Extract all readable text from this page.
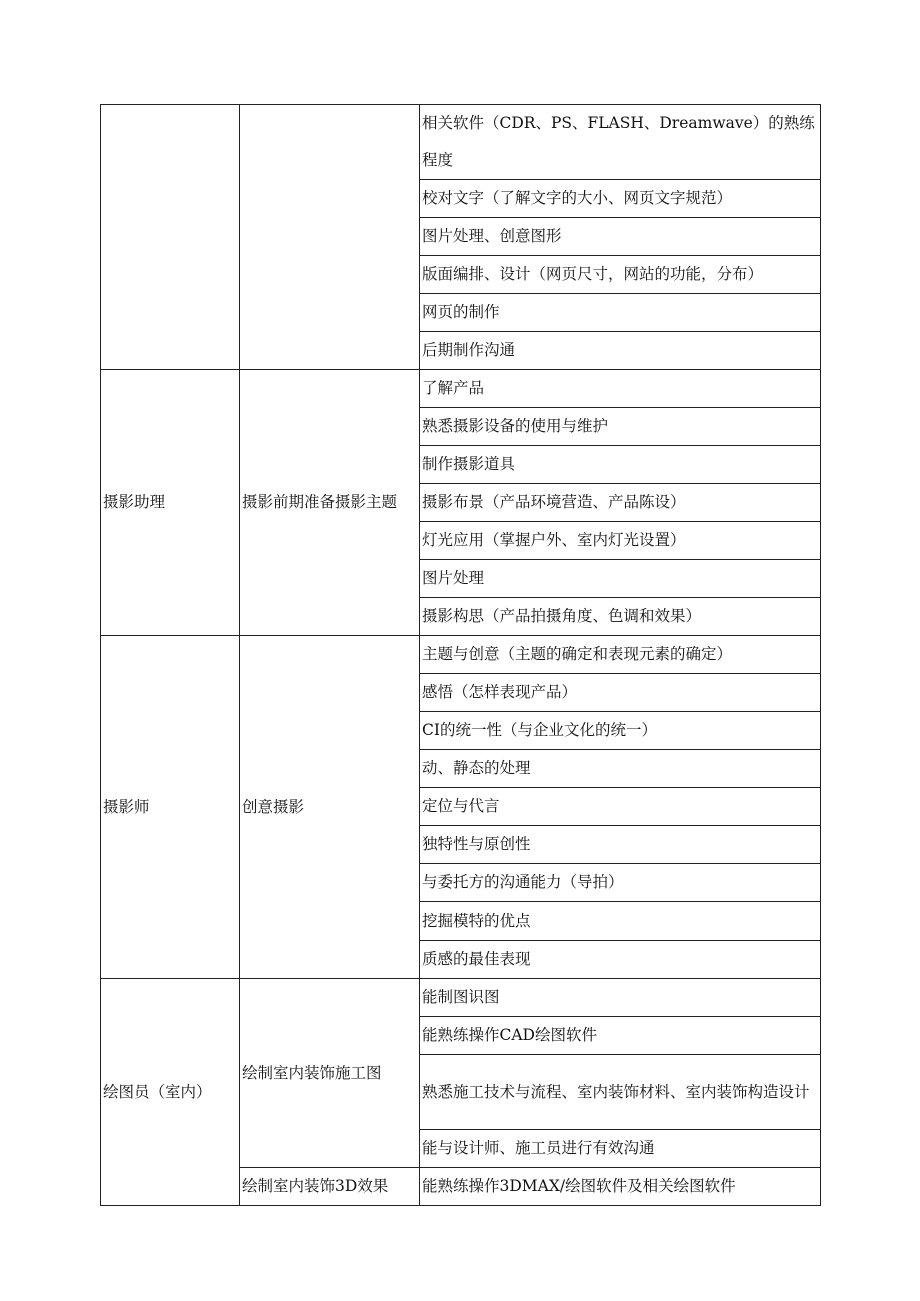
		相关软件（CDR、PS、FLASH、Dreamwave）的熟练程度
		校对文字（了解文字的大小、网页文字规范）
		图片处理、创意图形
		版面编排、设计（网页尺寸，网站的功能，分布）
		网页的制作
		后期制作沟通
摄影助理	摄影前期准备摄影主题	了解产品
		熟悉摄影设备的使用与维护
		制作摄影道具
		摄影布景（产品环境营造、产品陈设）
		灯光应用（掌握户外、室内灯光设置）
		图片处理
		摄影构思（产品拍摄角度、色调和效果）
摄影师	创意摄影	主题与创意（主题的确定和表现元素的确定）
		感悟（怎样表现产品）
		CI的统一性（与企业文化的统一）
		动、静态的处理
		定位与代言
		独特性与原创性
		与委托方的沟通能力（导拍）
		挖掘模特的优点
		质感的最佳表现
绘图员（室内）	绘制室内装饰施工图	能制图识图
		能熟练操作CAD绘图软件
		熟悉施工技术与流程、室内装饰材料、室内装饰构造设计
		能与设计师、施工员进行有效沟通
	绘制室内装饰3D效果	能熟练操作3DMAX/绘图软件及相关绘图软件
